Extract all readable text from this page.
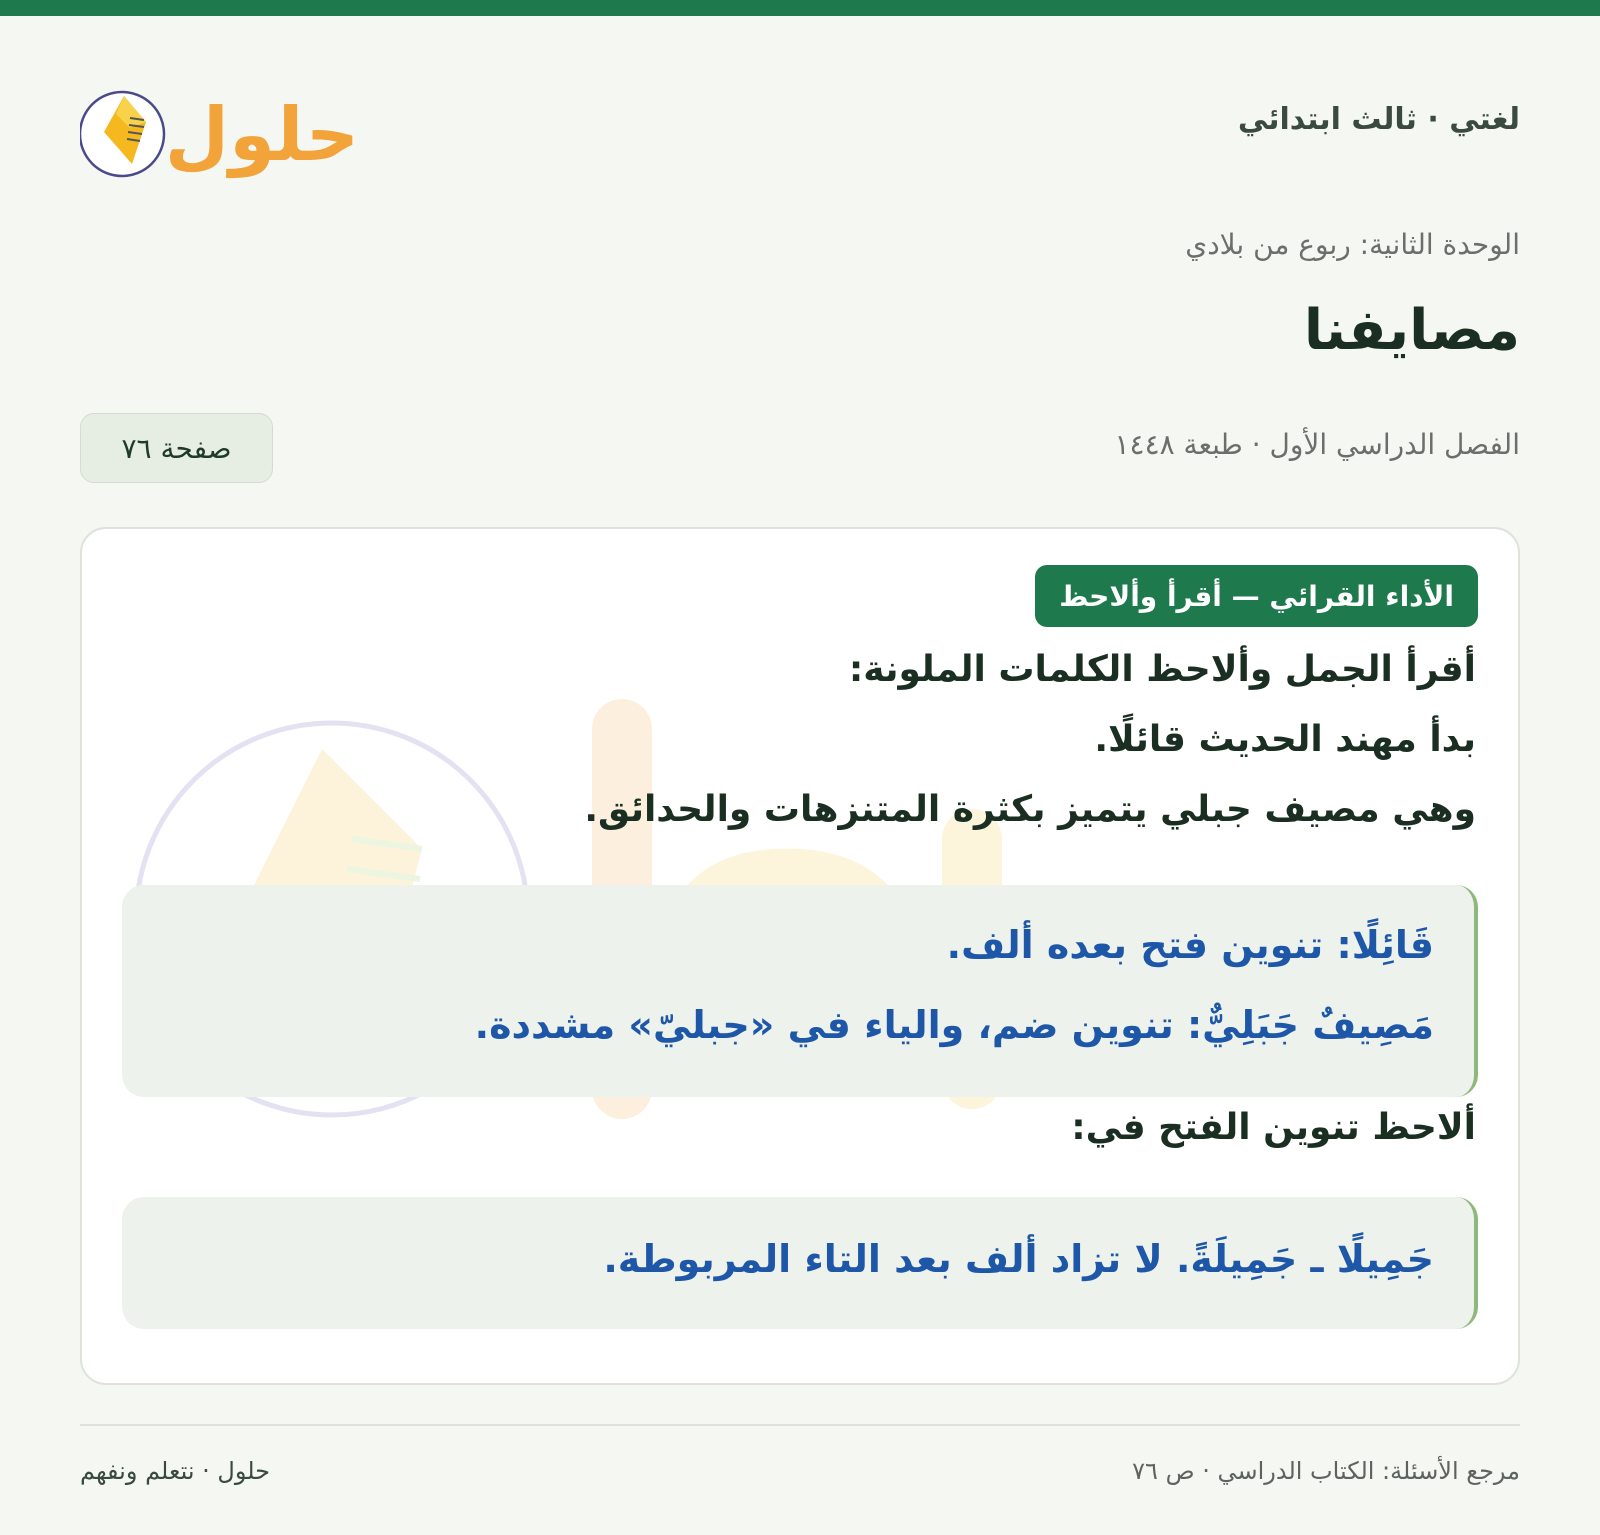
لغتي · ثالث ابتدائي
حلول
الوحدة الثانية: ربوع من بلادي
مصايفنا
الفصل الدراسي الأول · طبعة ١٤٤٨
صفحة ٧٦
الأداء القرائي — أقرأ وألاحظ
أقرأ الجمل وألاحظ الكلمات الملونة:
بدأ مهند الحديث قائلًا.
وهي مصيف جبلي يتميز بكثرة المتنزهات والحدائق.
قَائِلًا: تنوين فتح بعده ألف.
مَصِيفٌ جَبَلِيٌّ: تنوين ضم، والياء في «جبليّ» مشددة.
ألاحظ تنوين الفتح في:
جَمِيلًا ـ جَمِيلَةً. لا تزاد ألف بعد التاء المربوطة.
مرجع الأسئلة: الكتاب الدراسي · ص ٧٦
حلول · نتعلم ونفهم
